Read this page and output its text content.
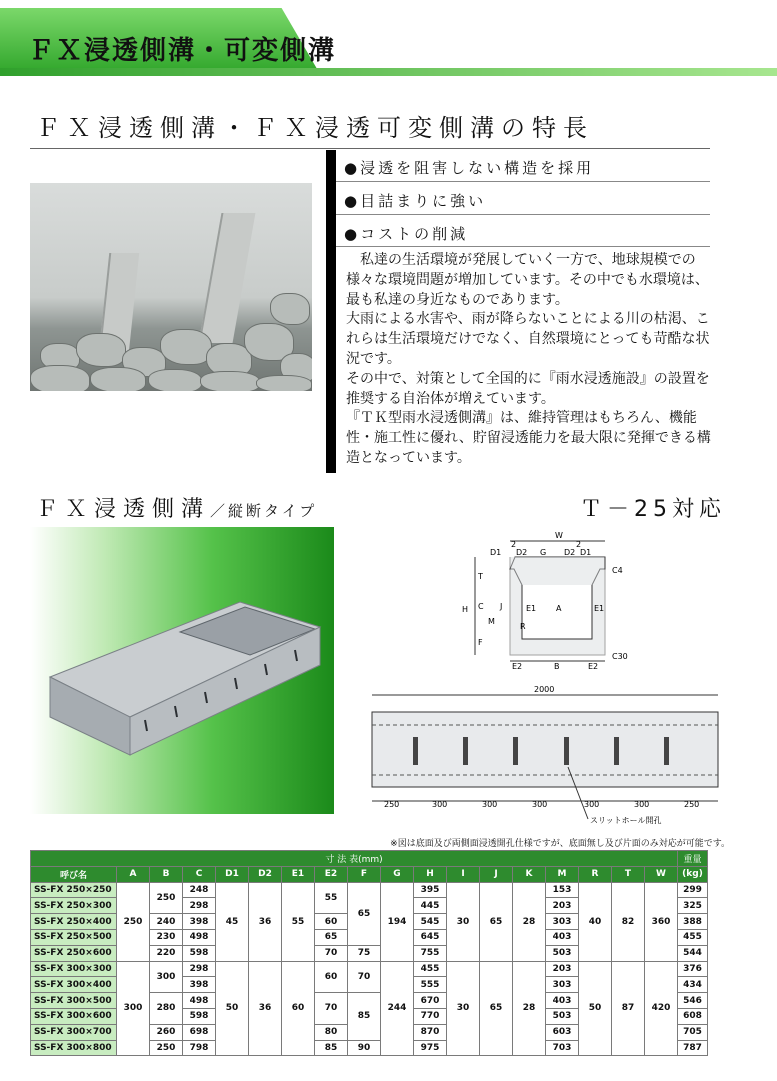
ＦＸ浸透側溝・可変側溝
ＦＸ浸透側溝・ＦＸ浸透可変側溝の特長
●浸透を阻害しない構造を採用
●目詰まりに強い
●コストの削減

　私達の生活環境が発展していく一方で、地球規模での様々な環境問題が増加しています。その中でも水環境は、最も私達の身近なものであります。

大雨による水害や、雨が降らないことによる川の枯渇、これらは生活環境だけでなく、自然環境にとっても苛酷な状況です。

その中で、対策として全国的に『雨水浸透施設』の設置を推奨する自治体が増えています。

『ＴＫ型雨水浸透側溝』は、維持管理はもちろん、機能性・施工性に優れ、貯留浸透能力を最大限に発揮できる構造となっています。

ＦＸ浸透側溝／縦断タイプ	Ｔ－25対応
W
D1 D2
2
G D2
2
D1
C4
H
T
C
M
J
F
E1 A	E1
R
E2	B	E2
C30
2000
250	300	300	300	300	300	250
スリットホール開孔
※図は底面及び両側面浸透開孔仕様ですが、底面無し及び片面のみ対応が可能です。
寸 法 表(mm)																		重量
呼び名	A	B	C	D1	D2	E1	E2	F	G	H	I	J	K	M	R	T	W	(kg)
SS-FX 250×250	250	250	248	45	36	55	55	65	194	395	30	65	28	153	40	82	360	299
SS-FX 250×300			298							445				203				325
SS-FX 250×400		240	398				60			545				303				388
SS-FX 250×500		230	498				65			645				403				455
SS-FX 250×600		220	598				70	75		755				503				544
SS-FX 300×300	300	300	298	50	36	60	60	70	244	455	30	65	28	203	50	87	420	376
SS-FX 300×400			398							555				303				434
SS-FX 300×500		280	498				70	85		670				403				546
SS-FX 300×600			598							770				503				608
SS-FX 300×700		260	698				80			870				603				705
SS-FX 300×800		250	798				85	90		975				703				787
